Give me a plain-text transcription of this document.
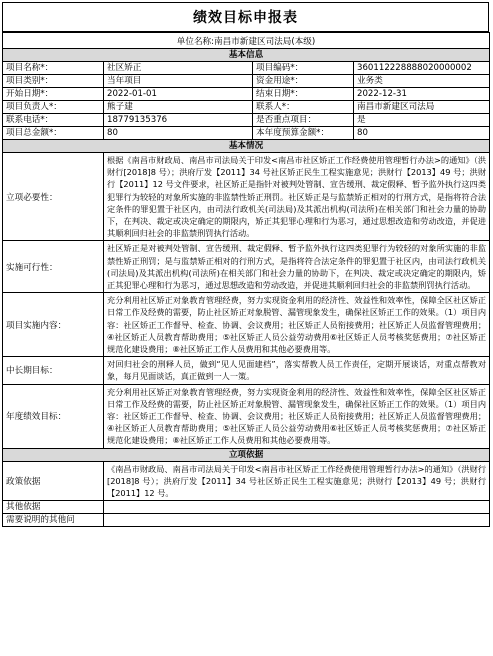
绩效目标申报表
单位名称:南昌市新建区司法局(本级)			
基本信息			
项目名称*：	社区矫正	项目编码*：	360112228888020000002
项目类别*：	当年项目	资金用途*：	业务类
开始日期*：	2022-01-01	结束日期*：	2022-12-31
项目负责人*：	熊子建	联系人*：	南昌市新建区司法局
联系电话*：	18779135376	是否重点项目：	是
项目总金额*：	80	本年度预算金额*：	80
基本情况			
立项必要性：	根据《南昌市财政局、南昌市司法局关于印发<南昌市社区矫正工作经费使用管理暂行办法>的通知》（洪财行[2018]8 号）；洪府厅发【2011】34 号社区矫正民生工程实施意见；洪财行【2013】49 号；洪财行【2011】12 号文件要求，社区矫正是指针对被判处管制、宣告缓刑、裁定假释、暂予监外执行这四类犯罪行为较轻的对象所实施的非监禁性矫正刑罚。社区矫正是与监禁矫正相对的行刑方式，是指将符合法定条件的罪犯置于社区内，由司法行政机关(司法局)及其派出机构(司法所)在相关部门和社会力量的协助下，在判决、裁定或决定确定的期限内，矫正其犯罪心理和行为恶习，通过思想改造和劳动改造，并促进其顺利回归社会的非监禁刑罚执行活动。		
实施可行性：	社区矫正是对被判处管制、宣告缓刑、裁定假释、暂予监外执行这四类犯罪行为较轻的对象所实施的非监禁性矫正刑罚；是与监禁矫正相对的行刑方式，是指将符合法定条件的罪犯置于社区内，由司法行政机关(司法局)及其派出机构(司法所)在相关部门和社会力量的协助下，在判决、裁定或决定确定的期限内，矫正其犯罪心理和行为恶习，通过思想改造和劳动改造，并促进其顺利回归社会的非监禁刑罚执行活动。		
项目实施内容：	充分利用社区矫正对象教育管理经费，努力实现资金利用的经济性、效益性和效率性，保障全区社区矫正日常工作及经费的需要，防止社区矫正对象脱管、漏管现象发生，确保社区矫正工作的效果。（1）项目内容：社区矫正工作督导、检查、协调、会议费用；社区矫正人员衔接费用；社区矫正人员监督管理费用；④社区矫正人员教育帮助费用；⑤社区矫正人员公益劳动费用⑥社区矫正人员考核奖惩费用；⑦社区矫正规范化建设费用；⑧社区矫正工作人员费用和其他必要费用等。		
中长期目标：	对回归社会的刑释人员，做到“见人见面建档”，落实帮教人员工作责任，定期开展谈话，对重点帮教对象，每月见面谈话，真正做到一人一策。		
年度绩效目标：	充分利用社区矫正对象教育管理经费，努力实现资金利用的经济性、效益性和效率性，保障全区社区矫正日常工作及经费的需要，防止社区矫正对象脱管、漏管现象发生，确保社区矫正工作的效果。（1）项目内容：社区矫正工作督导、检查、协调、会议费用；社区矫正人员衔接费用；社区矫正人员监督管理费用；④社区矫正人员教育帮助费用；⑤社区矫正人员公益劳动费用⑥社区矫正人员考核奖惩费用；⑦社区矫正规范化建设费用；⑧社区矫正工作人员费用和其他必要费用等。		
立项依据			
政策依据	《南昌市财政局、南昌市司法局关于印发<南昌市社区矫正工作经费使用管理暂行办法>的通知》（洪财行[2018]8 号）；洪府厅发【2011】34 号社区矫正民生工程实施意见；洪财行【2013】49 号；洪财行【2011】12 号。		
其他依据			
需要说明的其他问			
